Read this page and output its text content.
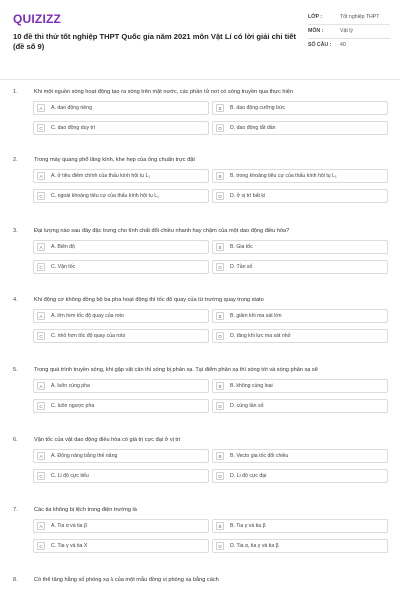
QUIZIZZ
10 đề thi thử tốt nghiệp THPT Quốc gia năm 2021 môn Vật Lí có lời giải chi tiết (đề số 9)
LỚP :	Tốt nghiệp THPT
MÔN :	Vật lý
SỐ CÂU :	40
1.	Khi một nguồn sóng hoạt động tạo ra sóng trên mặt nước, các phần tử nơi có sóng truyền qua thực hiện
A	A. dao động riêng	B	B. dao động cưỡng bức
C	C. dao động duy trì	D	D. dao động tắt dần
2.	Trong máy quang phổ lăng kính, khe hẹp của ống chuẩn trực đặt
A	A. ở tiêu điểm chính của thấu kính hội tụ L₁	B	B. trong khoảng tiêu cự của thấu kính hội tụ L₁
C	C. ngoài khoảng tiêu cự của thấu kính hội tụ L₁	D	D. ở vị trí bất kì
3.	Đại lượng nào sau đây đặc trưng cho tính chất đổi chiều nhanh hay chậm của một dao động điều hòa?
A	A. Biên độ	B	B. Gia tốc
C	C. Vận tốc	D	D. Tần số
4.	Khi động cơ không đồng bộ ba pha hoạt động thì tốc độ quay của từ trường quay trong stato
A	A. lớn hơn tốc độ quay của roto	B	B. giảm khi ma sát lớn
C	C. nhỏ hơn tốc độ quay của roto	D	D. tăng khi lực ma sát nhỏ
5.	Trong quá trình truyền sóng, khi gặp vật cản thì sóng bị phản xạ. Tại điểm phản xạ thì sóng tới và sóng phản xạ sẽ
A	A. luôn cùng pha	B	B. không cùng loại
C	C. luôn ngược pha	D	D. cùng tần số
6.	Vận tốc của vật dao động điều hòa có giá trị cực đại ở vị trí
A	A. Động năng bằng thế năng	B	B. Vecto gia tốc đổi chiều
C	C. Li độ cực tiểu	D	D. Li độ cực đại
7.	Các tia không bị lệch trong điện trường là
A	A. Tia α và tia β	B	B. Tia γ và tia β
C	C. Tia γ và tia X	D	D. Tia α, tia γ và tia β
8.	Có thể tăng hằng số phóng xạ λ của một mẫu đồng vị phóng xạ bằng cách
